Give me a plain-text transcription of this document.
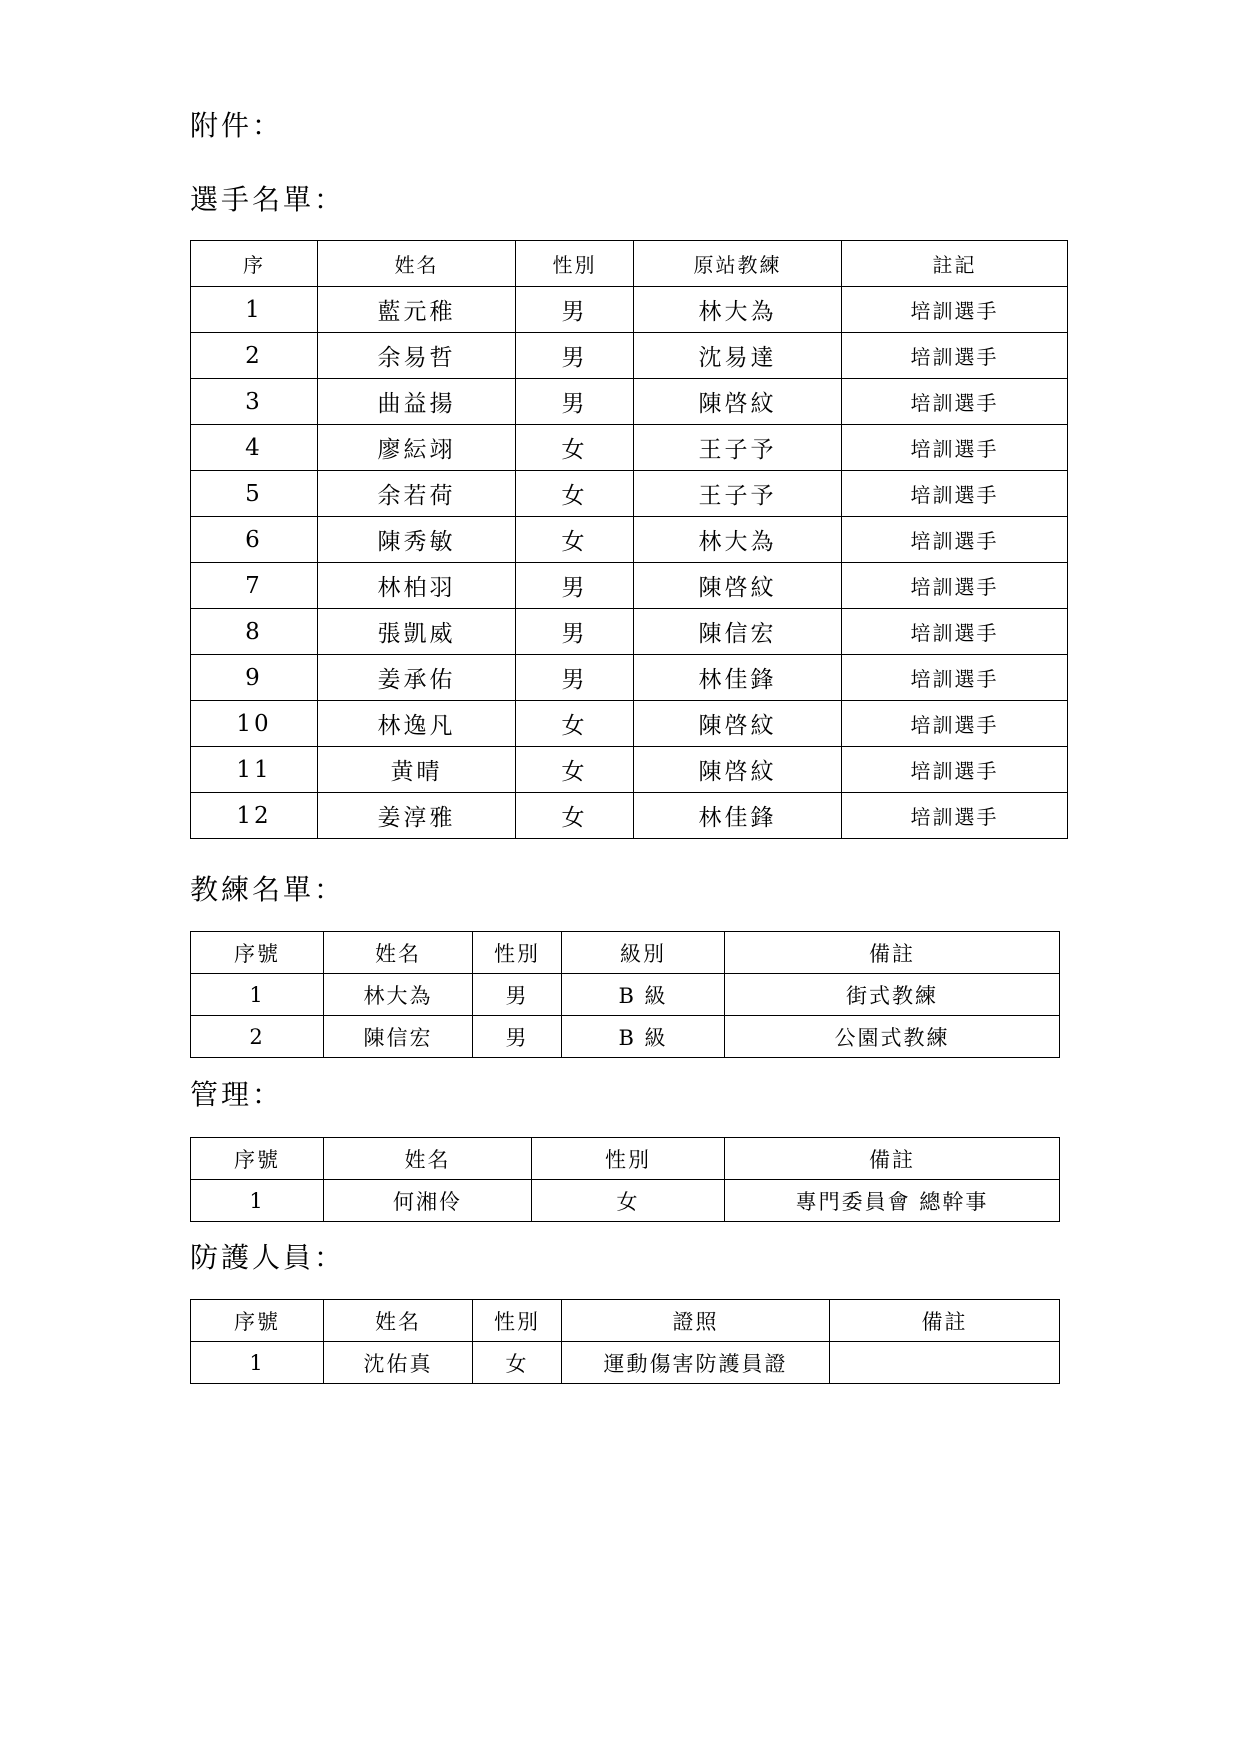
附件：
選手名單：
序	姓名	性別	原站教練	註記
1	藍元稚	男	林大為	培訓選手
2	余易哲	男	沈易達	培訓選手
3	曲益揚	男	陳啓紋	培訓選手
4	廖紜翊	女	王子予	培訓選手
5	余若荷	女	王子予	培訓選手
6	陳秀敏	女	林大為	培訓選手
7	林柏羽	男	陳啓紋	培訓選手
8	張凱威	男	陳信宏	培訓選手
9	姜承佑	男	林佳鋒	培訓選手
10	林逸凡	女	陳啓紋	培訓選手
11	黄晴	女	陳啓紋	培訓選手
12	姜淳雅	女	林佳鋒	培訓選手
教練名單：
序號	姓名	性別	級別	備註
1	林大為	男	B 級	街式教練
2	陳信宏	男	B 級	公園式教練
管理：
序號	姓名	性別	備註
1	何湘伶	女	專門委員會 總幹事
防護人員：
序號	姓名	性別	證照	備註
1	沈佑真	女	運動傷害防護員證	
